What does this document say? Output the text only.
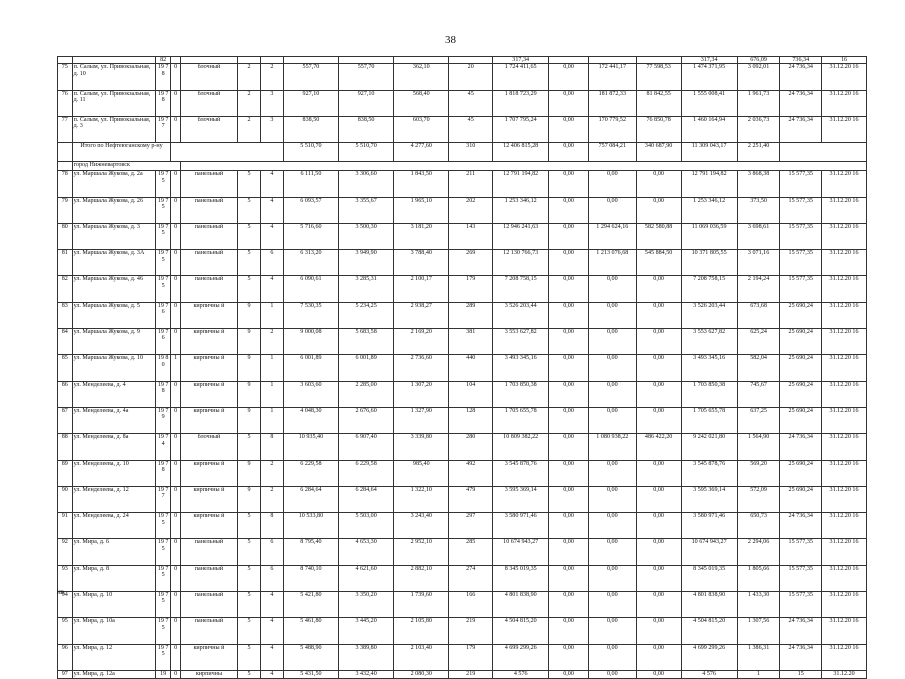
38
		82									317,34				317,34	676,09	736,34	16
75	п. Салым, ул. Привокзальная, д. 10	19 78	0	блочный	2	2	557,70	557,70	362,10	20	1 724 411,65	0,00	172 441,17	77 598,53	1 474 371,95	3 092,01	24 736,34	31.12.20 16
76	п. Салым, ул. Привокзальная, д. 11	19 78	0	блочный	2	3	927,10	927,10	568,40	45	1 818 723,29	0,00	181 872,33	81 842,55	1 555 008,41	1 961,73	24 736,34	31.12.20 16
77	п. Салым, ул. Привокзальная, д. 3	19 77	0	блочный	2	3	838,50	838,50	603,70	45	1 707 795,24	0,00	170 779,52	76 850,78	1 460 164,94	2 036,73	24 736,34	31.12.20 16
	Итого по Нефтеюганскому р-ну						5 510,70	5 510,70	4 277,60	310	12 406 815,28	0,00	757 084,21	340 687,90	11 309 043,17	2 251,40		
	город Нижневартовск																	
78	ул. Маршала Жукова, д. 2а	19 75	0	панельный	5	4	6 111,50	3 306,60	1 843,50	211	12 791 194,82	0,00	0,00	0,00	12 791 194,82	3 868,38	15 577,35	31.12.20 16
79	ул. Маршала Жукова, д. 26	19 75	0	панельный	5	4	6 093,57	3 355,67	1 965,10	202	1 253 346,12	0,00	0,00	0,00	1 253 346,12	373,50	15 577,35	31.12.20 16
80	ул. Маршала Жукова, д. 3	19 75	0	панельный	5	4	5 716,60	3 500,30	3 181,20	143	12 946 241,63	0,00	1 294 624,16	582 580,88	11 069 036,59	3 698,61	15 577,35	31.12.20 16
81	ул. Маршала Жукова, д. 3А	19 75	0	панельный	5	6	6 313,20	3 949,90	3 788,40	269	12 130 766,73	0,00	1 213 076,68	545 884,50	10 371 805,55	3 071,16	15 577,35	31.12.20 16
82	ул. Маршала Жукова, д. 46	19 75	0	панельный	5	4	6 090,61	3 285,31	2 100,17	179	7 208 758,15	0,00	0,00	0,00	7 208 758,15	2 194,24	15 577,35	31.12.20 16
83	ул. Маршала Жукова, д. 5	19 76	0	кирпичны й	9	1	7 530,35	5 234,25	2 938,27	289	3 526 203,44	0,00	0,00	0,00	3 526 203,44	673,68	25 690,24	31.12.20 16
84	ул. Маршала Жукова, д. 9	19 76	0	кирпичны й	9	2	9 000,08	5 683,58	2 169,20	381	3 553 627,82	0,00	0,00	0,00	3 553 627,82	625,24	25 690,24	31.12.20 16
85	ул. Маршала Жукова, д. 10	19 80	1	кирпичны й	9	1	6 001,89	6 001,89	2 736,60	440	3 493 345,16	0,00	0,00	0,00	3 493 345,16	582,04	25 690,24	31.12.20 16
86	ул. Менделеева, д. 4	19 78	0	кирпичны й	9	1	3 603,60	2 285,00	1 307,20	104	1 703 850,38	0,00	0,00	0,00	1 703 850,38	745,67	25 690,24	31.12.20 16
87	ул. Менделеева, д. 4а	19 79	0	кирпичны й	9	1	4 048,30	2 676,60	1 327,90	128	1 705 655,78	0,00	0,00	0,00	1 705 655,78	637,25	25 690,24	31.12.20 16
88	ул. Менделеева, д. 8а	19 74	0	блочный	5	8	10 935,40	6 907,40	3 339,80	280	10 809 382,22	0,00	1 080 938,22	486 422,20	9 242 021,80	1 564,90	24 736,34	31.12.20 16
89	ул. Менделеева, д. 10	19 78	0	кирпичны й	9	2	6 229,58	6 229,58	985,40	492	3 545 878,76	0,00	0,00	0,00	3 545 878,76	569,20	25 690,24	31.12.20 16
90	ул. Менделеева, д. 12	19 77	0	кирпичны й	9	2	6 284,64	6 284,64	1 322,10	479	3 595 369,14	0,00	0,00	0,00	3 595 369,14	572,09	25 690,24	31.12.20 16
91	ул. Менделеева, д. 24	19 75	0	кирпичны й	5	8	10 533,80	5 503,00	3 243,40	297	3 580 971,46	0,00	0,00	0,00	3 580 971,46	650,73	24 736,34	31.12.20 16
92	ул. Мира, д. 6	19 75	0	панельный	5	6	8 795,40	4 653,30	2 952,10	285	10 674 943,27	0,00	0,00	0,00	10 674 943,27	2 294,06	15 577,35	31.12.20 16
93	ул. Мира, д. 8	19 75	0	панельный	5	6	8 740,10	4 621,60	2 882,10	274	8 345 019,35	0,00	0,00	0,00	8 345 019,35	1 805,66	15 577,35	31.12.20 16
94	ул. Мира, д. 10	19 75	0	панельный	5	4	5 421,80	3 350,20	1 739,60	166	4 801 838,90	0,00	0,00	0,00	4 801 838,90	1 433,30	15 577,35	31.12.20 16
95	ул. Мира, д. 10а	19 75	0	панельный	5	4	5 461,80	3 445,20	2 105,80	219	4 504 815,20	0,00	0,00	0,00	4 504 815,20	1 307,56	24 736,34	31.12.20 16
96	ул. Мира, д. 12	19 75	0	кирпичны й	5	4	5 488,90	3 389,80	2 103,40	179	4 699 299,26	0,00	0,00	0,00	4 699 299,26	1 386,31	24 736,34	31.12.20 16
97	ул. Мира, д. 12а	19	0	кирпичны	5	4	5 431,50	3 432,40	2 080,30	219	4 576	0,00	0,00	0,00	4 576	1	15	31.12.20
нв
